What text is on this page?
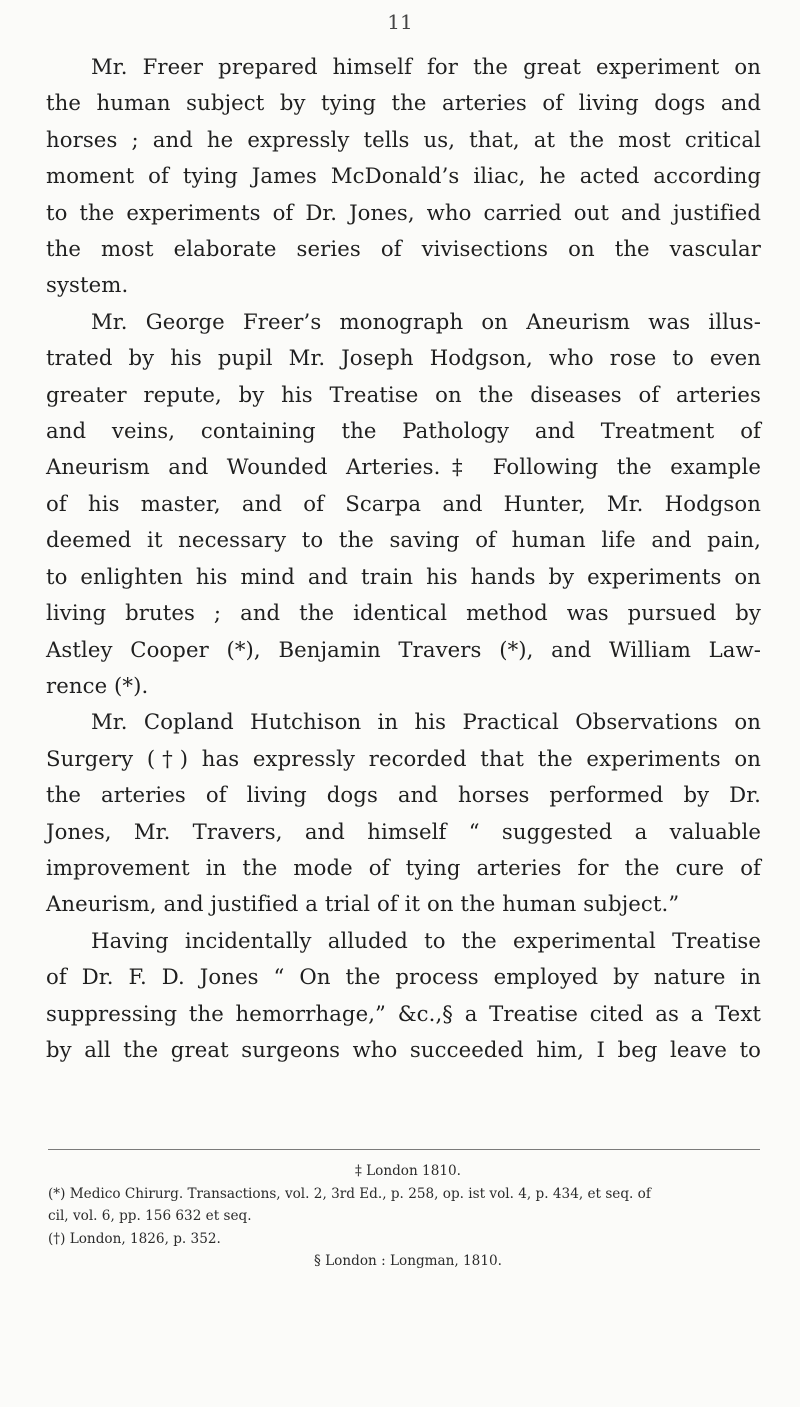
11

Mr. Freer prepared himself for the great experiment on
the human subject by tying the arteries of living dogs and
horses ; and he expressly tells us, that, at the most critical
moment of tying James McDonald’s iliac, he acted according
to the experiments of Dr. Jones, who carried out and justified
the most elaborate series of vivisections on the vascular
system.

Mr. George Freer’s monograph on Aneurism was illus-
trated by his pupil Mr. Joseph Hodgson, who rose to even
greater repute, by his Treatise on the diseases of arteries
and veins, containing the Pathology and Treatment of
Aneurism and Wounded Arteries.‡ Following the example
of his master, and of Scarpa and Hunter, Mr. Hodgson
deemed it necessary to the saving of human life and pain,
to enlighten his mind and train his hands by experiments on
living brutes ; and the identical method was pursued by
Astley Cooper (*), Benjamin Travers (*), and William Law-
rence (*).

Mr. Copland Hutchison in his Practical Observations on
Surgery (†) has expressly recorded that the experiments on
the arteries of living dogs and horses performed by Dr.
Jones, Mr. Travers, and himself “ suggested a valuable
improvement in the mode of tying arteries for the cure of
Aneurism, and justified a trial of it on the human subject.”

Having incidentally alluded to the experimental Treatise
of Dr. F. D. Jones “ On the process employed by nature in
suppressing the hemorrhage,” &c.,§ a Treatise cited as a Text
by all the great surgeons who succeeded him, I beg leave to

‡ London 1810.

(*) Medico Chirurg. Transactions, vol. 2, 3rd Ed., p. 258, op. ist vol. 4, p. 434, et seq. of
cil, vol. 6, pp. 156 632 et seq.

(†) London, 1826, p. 352.

§ London : Longman, 1810.
